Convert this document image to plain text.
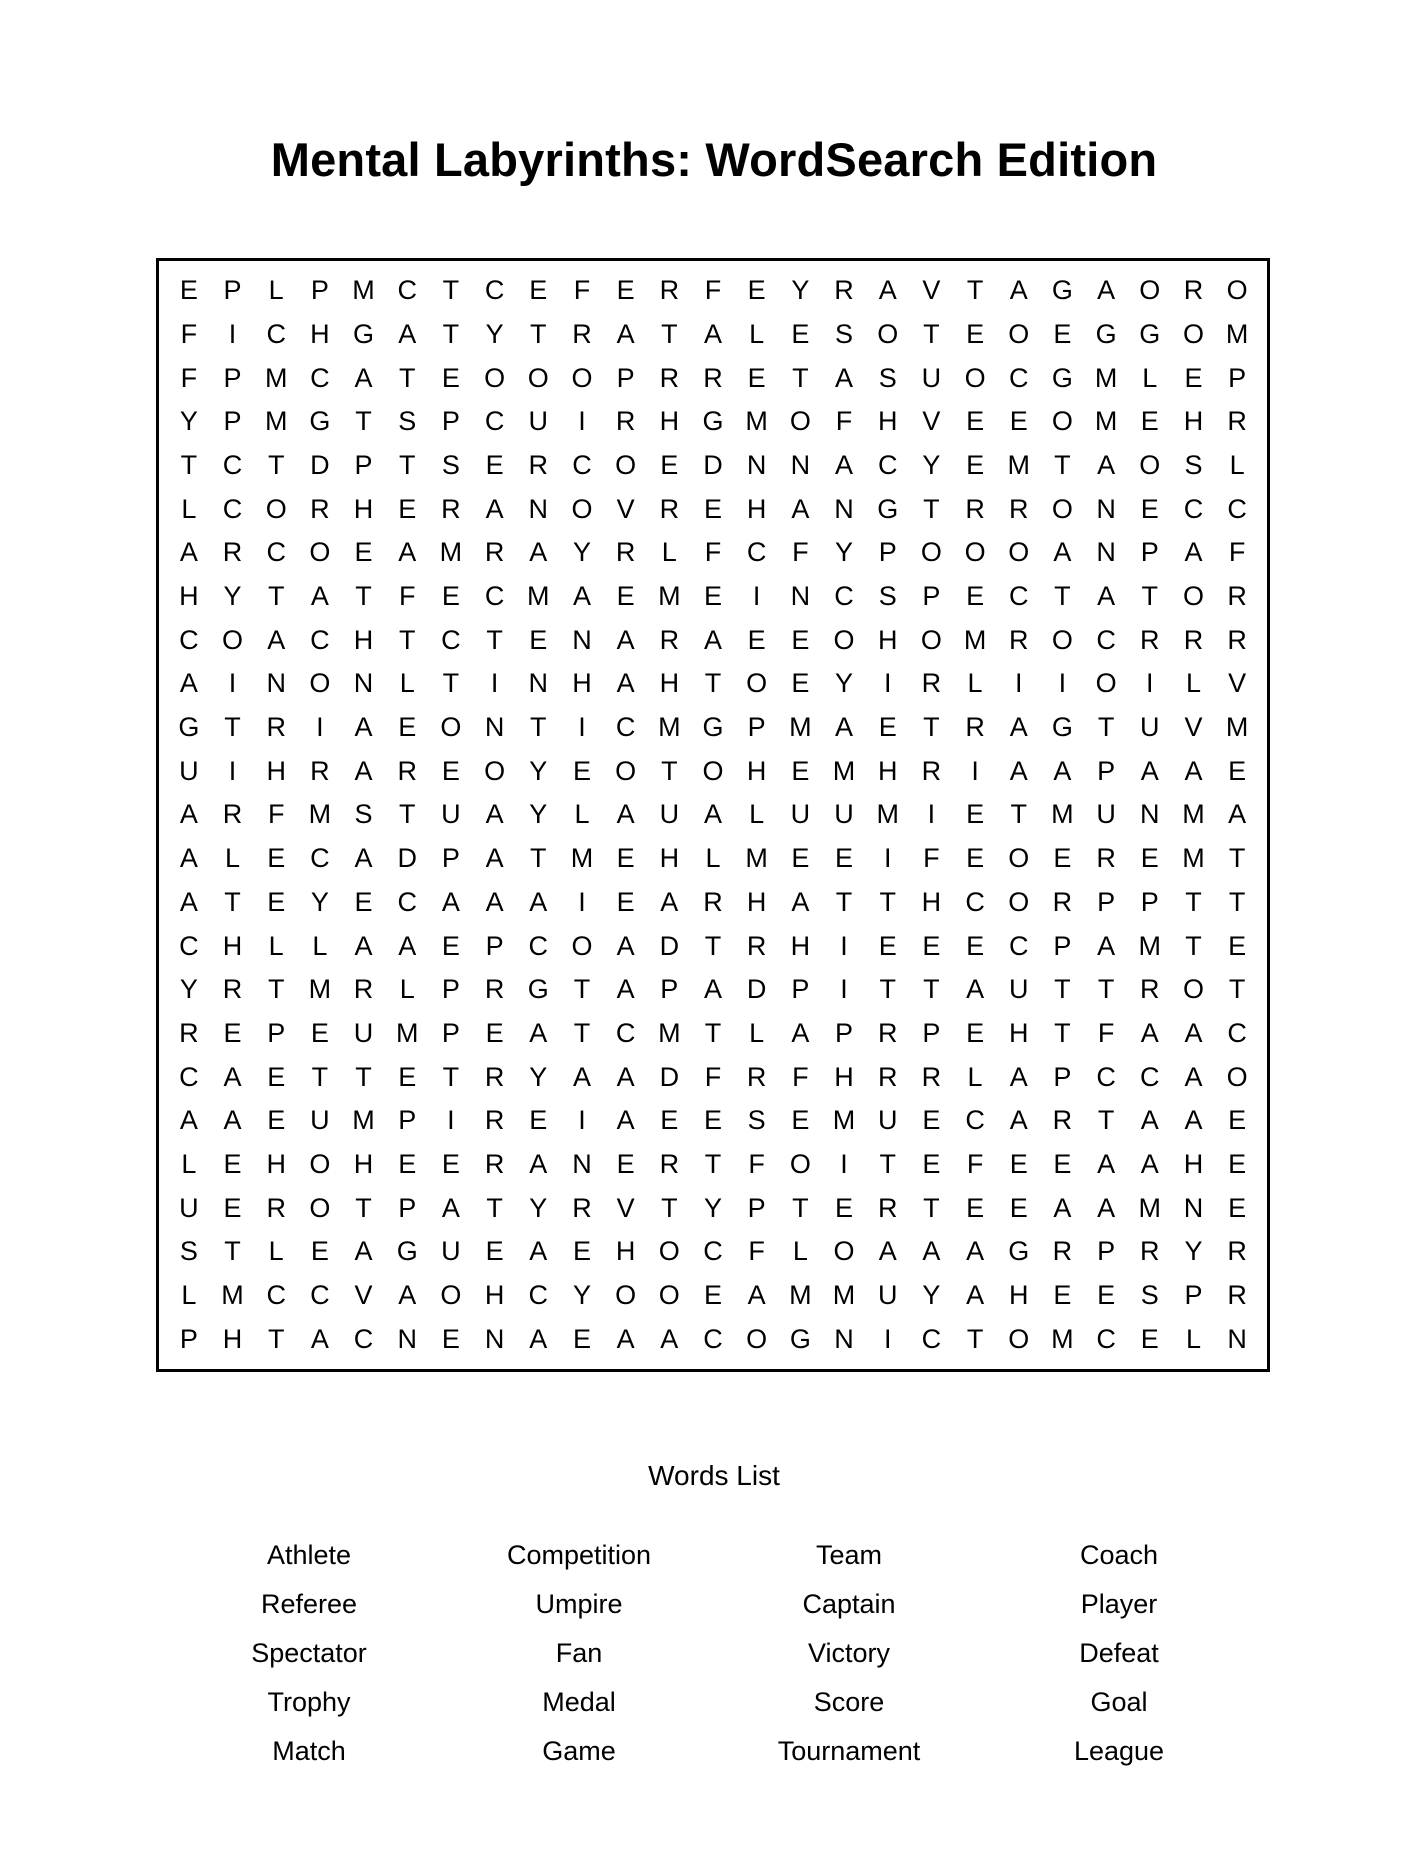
Mental Labyrinths: WordSearch Edition
E P	L	P M C T C E F E R F E Y R A V T A G A O R O
F	I	C H G A T Y T R A T A	L	E S O T E O E G G O M
F P M C A T E O O O P R R E T A S U O C G M L	E P
Y P M G T S P C U	I	R H G M O F H V E E O M E H R
T C T D P T S E R C O E D N N A C Y E M T A O S	L
L C O R H E R A N O V R E H A N G T R R O N E C C
A R C O E A M R A Y R L	F C F Y P O O O A N P A F
H Y T A T	F E C M A E M E	I	N C S P E C T A T O R
C O A C H T C T E N A R A E E O H O M R O C R R R
A	I	N O N L	T	I	N H A H T O E Y	I	R L	I	I	O	I	L	V
G T R	I	A E O N T	I	C M G P M A E T R A G T U V M
U	I	H R A R E O Y E O T O H E M H R	I	A A P A A E
A R F M S T U A Y	L	A U A	L U U M	I	E T M U N M A
A	L	E C A D P A T M E H L M E E	I	F E O E R E M T
A T E Y E C A A A	I	E A R H A T	T H C O R P P T	T
C H L	L	A A E P C O A D T R H	I	E E E C P A M T E
Y R T M R L	P R G T A P A D P	I	T	T A U T	T R O T
R E P E U M P E A T C M T	L	A P R P E H T	F A A C
C A E T	T E T R Y A A D F R F H R R L	A P C C A O
A A E U M P	I	R E	I	A E E S E M U E C A R T A A E
L	E H O H E E R A N E R T	F O	I	T E F E E A A H E
U E R O T P A T Y R V T Y P T E R T E E A A M N E
S T	L	E A G U E A E H O C F	L O A A A G R P R Y R
L M C C V A O H C Y O O E A M M U Y A H E E S P R
P H T A C N E N A E A A C O G N	I	C T O M C E	L N
Words List
Athlete	Competition	Team	Coach
Referee	Umpire	Captain	Player
Spectator	Fan	Victory	Defeat
Trophy	Medal	Score	Goal
Match	Game	Tournament	League
